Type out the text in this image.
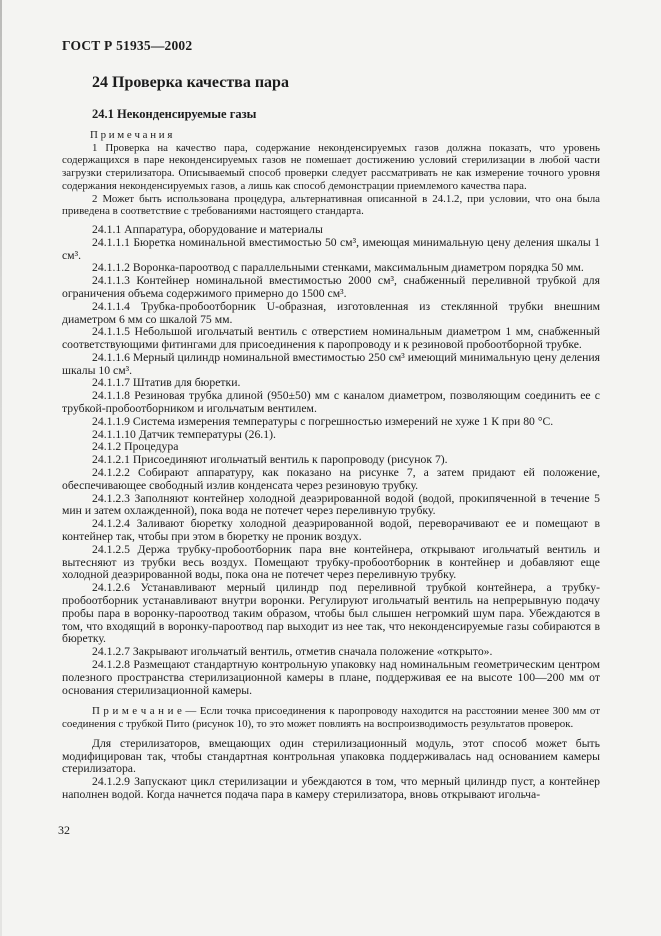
ГОСТ Р 51935—2002
24 Проверка качества пара
24.1 Неконденсируемые газы
П р и м е ч а н и я

1 Проверка на качество пара, содержание неконденсируемых газов должна показать, что уровень содержащихся в паре неконденсируемых газов не помешает достижению условий стерилизации в любой части загрузки стерилизатора. Описываемый способ проверки следует рассматривать не как измерение точного уровня содержания неконденсируемых газов, а лишь как способ демонстрации приемлемого качества пара.

2 Может быть использована процедура, альтернативная описанной в 24.1.2, при условии, что она была приведена в соответствие с требованиями настоящего стандарта.

24.1.1 Аппаратура, оборудование и материалы

24.1.1.1 Бюретка номинальной вместимостью 50 см³, имеющая минимальную цену деления шкалы 1 см³.

24.1.1.2 Воронка-пароотвод с параллельными стенками, максимальным диаметром порядка 50 мм.

24.1.1.3 Контейнер номинальной вместимостью 2000 см³, снабженный переливной трубкой для ограничения объема содержимого примерно до 1500 см³.

24.1.1.4 Трубка-пробоотборник U-образная, изготовленная из стеклянной трубки внешним диаметром 6 мм со шкалой 75 мм.

24.1.1.5 Небольшой игольчатый вентиль с отверстием номинальным диаметром 1 мм, снабженный соответствующими фитингами для присоединения к паропроводу и к резиновой пробоотборной трубке.

24.1.1.6 Мерный цилиндр номинальной вместимостью 250 см³ имеющий минимальную цену деления шкалы 10 см³.

24.1.1.7 Штатив для бюретки.

24.1.1.8 Резиновая трубка длиной (950±50) мм с каналом диаметром, позволяющим соединить ее с трубкой-пробоотборником и игольчатым вентилем.

24.1.1.9 Система измерения температуры с погрешностью измерений не хуже 1 К при 80 °С.

24.1.1.10 Датчик температуры (26.1).

24.1.2 Процедура

24.1.2.1 Присоединяют игольчатый вентиль к паропроводу (рисунок 7).

24.1.2.2 Собирают аппаратуру, как показано на рисунке 7, а затем придают ей положение, обеспечивающее свободный излив конденсата через резиновую трубку.

24.1.2.3 Заполняют контейнер холодной деаэрированной водой (водой, прокипяченной в течение 5 мин и затем охлажденной), пока вода не потечет через переливную трубку.

24.1.2.4 Заливают бюретку холодной деаэрированной водой, переворачивают ее и помещают в контейнер так, чтобы при этом в бюретку не проник воздух.

24.1.2.5 Держа трубку-пробоотборник пара вне контейнера, открывают игольчатый вентиль и вытесняют из трубки весь воздух. Помещают трубку-пробоотборник в контейнер и добавляют еще холодной деаэрированной воды, пока она не потечет через переливную трубку.

24.1.2.6 Устанавливают мерный цилиндр под переливной трубкой контейнера, а трубку-пробоотборник устанавливают внутри воронки. Регулируют игольчатый вентиль на непрерывную подачу пробы пара в воронку-пароотвод таким образом, чтобы был слышен негромкий шум пара. Убеждаются в том, что входящий в воронку-пароотвод пар выходит из нее так, что неконденсируемые газы собираются в бюретку.

24.1.2.7 Закрывают игольчатый вентиль, отметив сначала положение «открыто».

24.1.2.8 Размещают стандартную контрольную упаковку над номинальным геометрическим центром полезного пространства стерилизационной камеры в плане, поддерживая ее на высоте 100—200 мм от основания стерилизационной камеры.

П р и м е ч а н и е — Если точка присоединения к паропроводу находится на расстоянии менее 300 мм от соединения с трубкой Пито (рисунок 10), то это может повлиять на воспроизводимость результатов проверок.

Для стерилизаторов, вмещающих один стерилизационный модуль, этот способ может быть модифицирован так, чтобы стандартная контрольная упаковка поддерживалась над основанием камеры стерилизатора.

24.1.2.9 Запускают цикл стерилизации и убеждаются в том, что мерный цилиндр пуст, а контейнер наполнен водой. Когда начнется подача пара в камеру стерилизатора, вновь открывают игольча-

32
